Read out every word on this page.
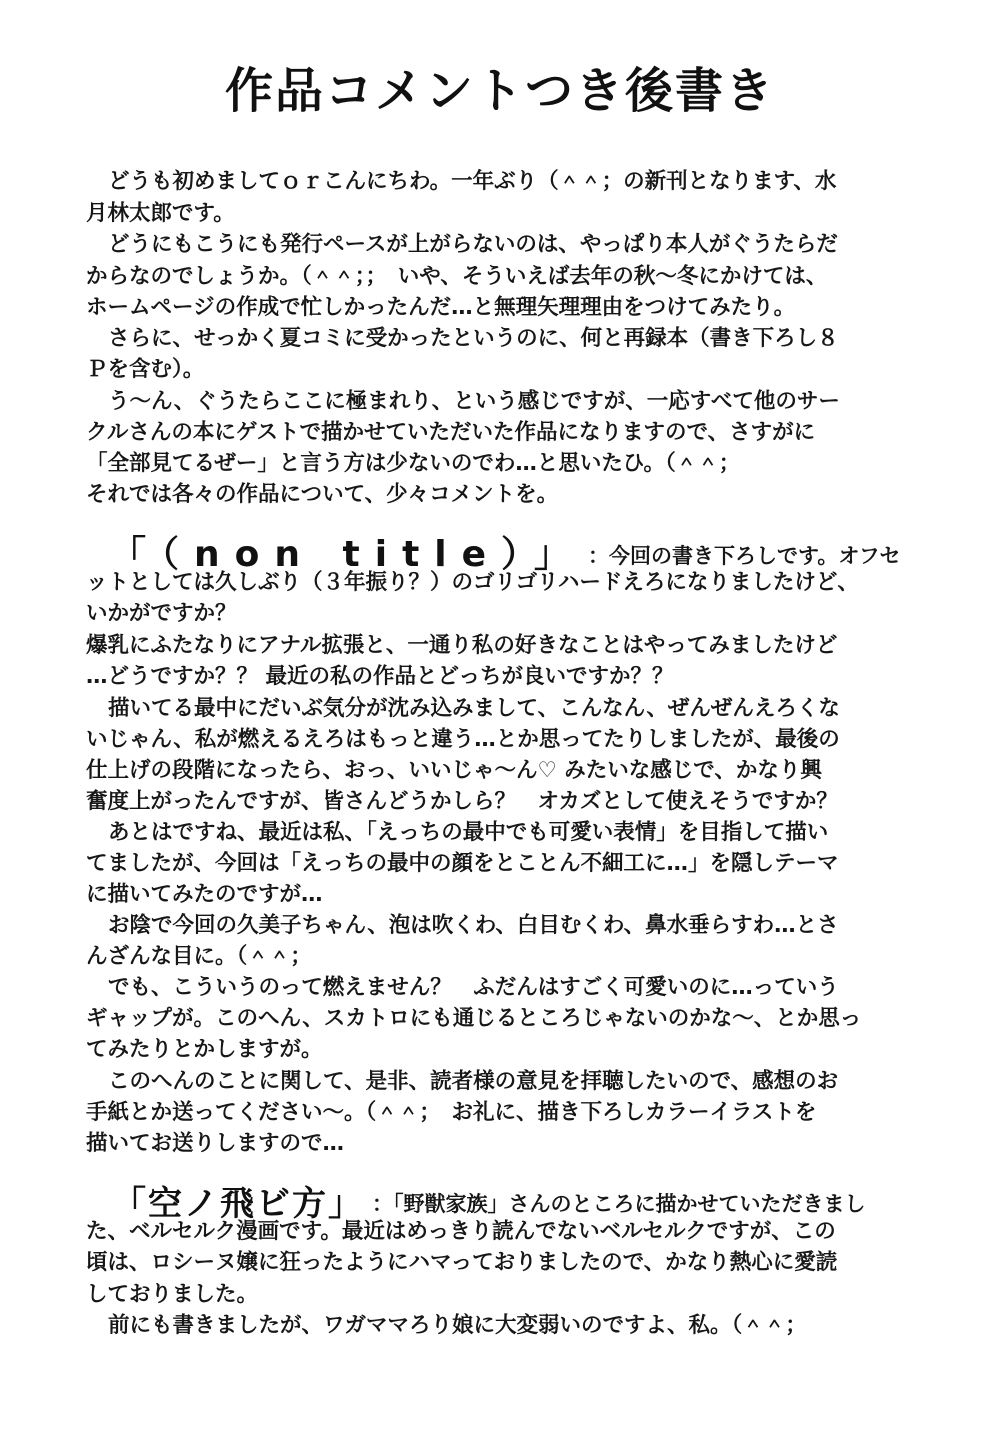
作品コメントつき後書き
どうも初めましてｏｒこんにちわ。一年ぶり（＾＾；の新刊となります、水
月林太郎です。
どうにもこうにも発行ペースが上がらないのは、やっぱり本人がぐうたらだ
からなのでしょうか。（＾＾；；　いや、そういえば去年の秋〜冬にかけては、
ホームページの作成で忙しかったんだ…と無理矢理理由をつけてみたり。
さらに、せっかく夏コミに受かったというのに、何と再録本（書き下ろし８
Ｐを含む）。
う〜ん、ぐうたらここに極まれり、という感じですが、一応すべて他のサー
クルさんの本にゲストで描かせていただいた作品になりますので、さすがに
「全部見てるぜー」と言う方は少ないのでわ…と思いたひ。（＾＾；
それでは各々の作品について、少々コメントを。
「（non title）」 ：今回の書き下ろしです。オフセ
ットとしては久しぶり（３年振り？）のゴリゴリハードえろになりましたけど、
いかがですか？
爆乳にふたなりにアナル拡張と、一通り私の好きなことはやってみましたけど
…どうですか？？ 最近の私の作品とどっちが良いですか？？
描いてる最中にだいぶ気分が沈み込みまして、こんなん、ぜんぜんえろくな
いじゃん、私が燃えるえろはもっと違う…とか思ってたりしましたが、最後の
仕上げの段階になったら、おっ、いいじゃ〜ん♡ みたいな感じで、かなり興
奮度上がったんですが、皆さんどうかしら？　オカズとして使えそうですか？
あとはですね、最近は私、「えっちの最中でも可愛い表情」を目指して描い
てましたが、今回は「えっちの最中の顔をとことん不細工に…」を隠しテーマ
に描いてみたのですが…
お陰で今回の久美子ちゃん、泡は吹くわ、白目むくわ、鼻水垂らすわ…とさ
んざんな目に。（＾＾；
でも、こういうのって燃えません？　ふだんはすごく可愛いのに…っていう
ギャップが。このへん、スカトロにも通じるところじゃないのかな〜、とか思っ
てみたりとかしますが。
このへんのことに関して、是非、読者様の意見を拝聴したいので、感想のお
手紙とか送ってください〜。（＾＾；　お礼に、描き下ろしカラーイラストを
描いてお送りしますので…
「空ノ飛ビ方」 ：「野獣家族」さんのところに描かせていただきまし
た、ベルセルク漫画です。最近はめっきり読んでないベルセルクですが、この
頃は、ロシーヌ嬢に狂ったようにハマっておりましたので、かなり熱心に愛読
しておりました。
前にも書きましたが、ワガママろり娘に大変弱いのですよ、私。（＾＾；
